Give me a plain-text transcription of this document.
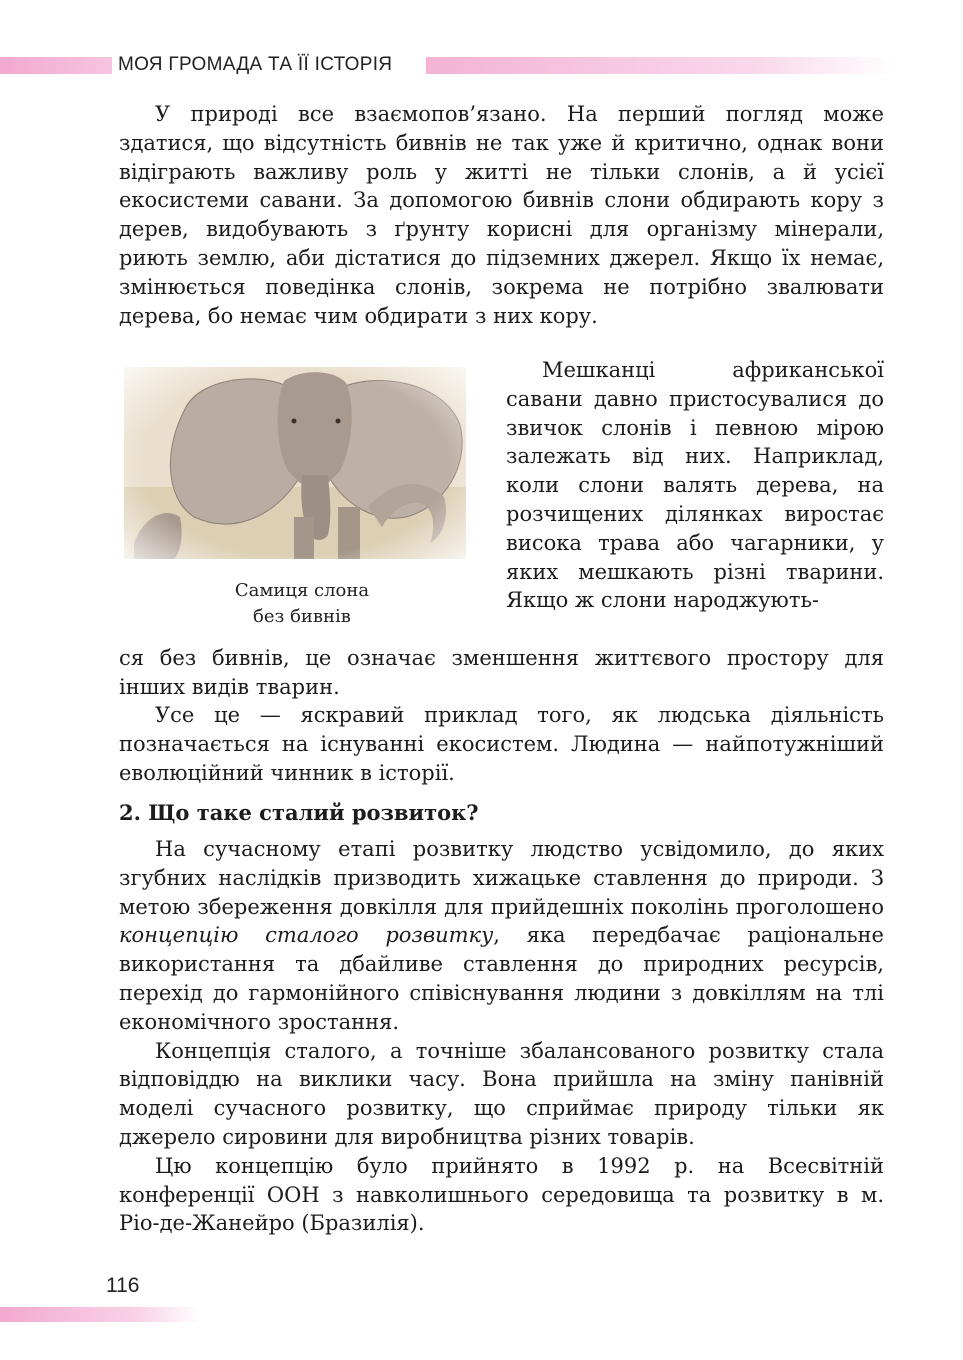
МОЯ ГРОМАДА ТА ЇЇ ІСТОРІЯ

У природі все взаємопов’язано. На перший погляд може здатися, що відсутність бивнів не так уже й критично, однак вони відіграють важливу роль у житті не тільки слонів, а й усієї екосистеми савани. За допомогою бивнів слони обдирають кору з дерев, видобувають з ґрунту корисні для організму мінерали, риють землю, аби дістатися до підземних джерел. Якщо їх немає, змінюється поведінка слонів, зокрема не потрібно звалювати дерева, бо немає чим обдирати з них кору.

Самиця слона
без бивнів

Мешканці африканської савани давно пристосувалися до звичок слонів і певною мірою залежать від них. Наприклад, коли слони валять дерева, на розчищених ділянках виростає висока трава або чагарники, у яких мешкають різні тварини. Якщо ж слони народжують-

ся без бивнів, це означає зменшення життєвого простору для інших видів тварин.

Усе це — яскравий приклад того, як людська діяльність позначається на існуванні екосистем. Людина — найпотужніший еволюційний чинник в історії.

2. Що таке сталий розвиток?

На сучасному етапі розвитку людство усвідомило, до яких згубних наслідків призводить хижацьке ставлення до природи. З метою збереження довкілля для прийдешніх поколінь проголошено концепцію сталого розвитку, яка передбачає раціональне використання та дбайливе ставлення до природних ресурсів, перехід до гармонійного співіснування людини з довкіллям на тлі економічного зростання.

Концепція сталого, а точніше збалансованого розвитку стала відповіддю на виклики часу. Вона прийшла на зміну панівній моделі сучасного розвитку, що сприймає природу тільки як джерело сировини для виробництва різних товарів.

Цю концепцію було прийнято в 1992 р. на Всесвітній конференції ООН з навколишнього середовища та розвитку в м. Ріо-де-Жанейро (Бразилія).

116
